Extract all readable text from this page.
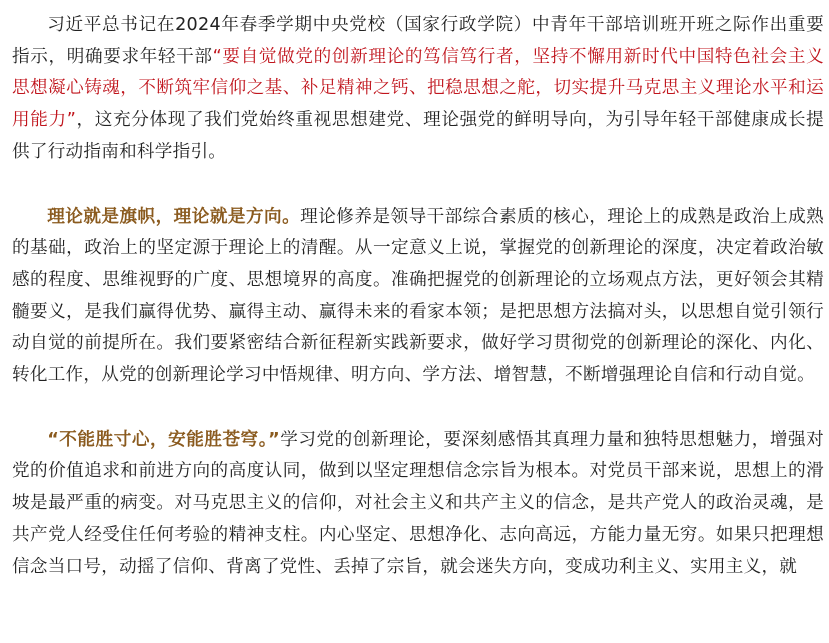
习近平总书记在2024年春季学期中央党校（国家行政学院）中青年干部培训班开班之际作出重要指示，明确要求年轻干部“要自觉做党的创新理论的笃信笃行者，坚持不懈用新时代中国特色社会主义思想凝心铸魂，不断筑牢信仰之基、补足精神之钙、把稳思想之舵，切实提升马克思主义理论水平和运用能力”，这充分体现了我们党始终重视思想建党、理论强党的鲜明导向，为引导年轻干部健康成长提供了行动指南和科学指引。

理论就是旗帜，理论就是方向。理论修养是领导干部综合素质的核心，理论上的成熟是政治上成熟的基础，政治上的坚定源于理论上的清醒。从一定意义上说，掌握党的创新理论的深度，决定着政治敏感的程度、思维视野的广度、思想境界的高度。准确把握党的创新理论的立场观点方法，更好领会其精髓要义，是我们赢得优势、赢得主动、赢得未来的看家本领；是把思想方法搞对头，以思想自觉引领行动自觉的前提所在。我们要紧密结合新征程新实践新要求，做好学习贯彻党的创新理论的深化、内化、转化工作，从党的创新理论学习中悟规律、明方向、学方法、增智慧，不断增强理论自信和行动自觉。

“不能胜寸心，安能胜苍穹。”学习党的创新理论，要深刻感悟其真理力量和独特思想魅力，增强对党的价值追求和前进方向的高度认同，做到以坚定理想信念宗旨为根本。对党员干部来说，思想上的滑坡是最严重的病变。对马克思主义的信仰，对社会主义和共产主义的信念，是共产党人的政治灵魂，是共产党人经受住任何考验的精神支柱。内心坚定、思想净化、志向高远，方能力量无穷。如果只把理想信念当口号，动摇了信仰、背离了党性、丢掉了宗旨，就会迷失方向，变成功利主义、实用主义，就
